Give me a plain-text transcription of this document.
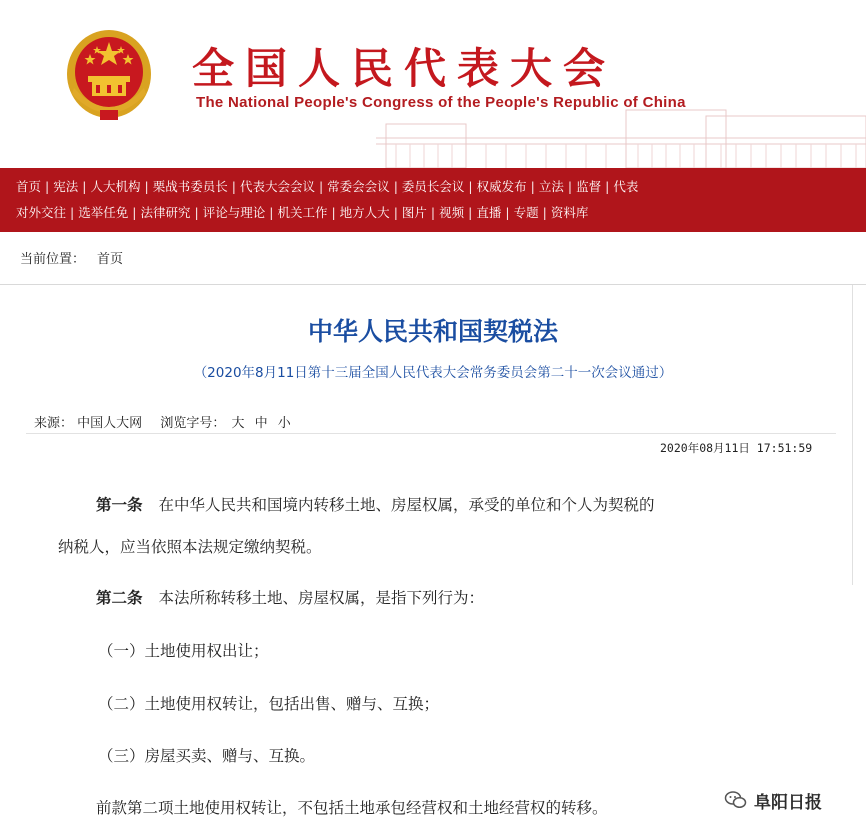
全国人民代表大会
The National People's Congress of the People's Republic of China
首页 | 宪法 | 人大机构 | 栗战书委员长 | 代表大会会议 | 常委会会议 | 委员长会议 | 权威发布 | 立法 | 监督 | 代表
对外交往 | 选举任免 | 法律研究 | 评论与理论 | 机关工作 | 地方人大 | 图片 | 视频 | 直播 | 专题 | 资料库
当前位置： 首页
中华人民共和国契税法
（2020年8月11日第十三届全国人民代表大会常务委员会第二十一次会议通过）
来源： 中国人大网 浏览字号： 大 中 小
2020年08月11日 17:51:59
第一条 在中华人民共和国境内转移土地、房屋权属，承受的单位和个人为契税的
纳税人，应当依照本法规定缴纳契税。
第二条 本法所称转移土地、房屋权属，是指下列行为：
（一）土地使用权出让；
（二）土地使用权转让，包括出售、赠与、互换；
（三）房屋买卖、赠与、互换。
前款第二项土地使用权转让，不包括土地承包经营权和土地经营权的转移。	阜阳日报
